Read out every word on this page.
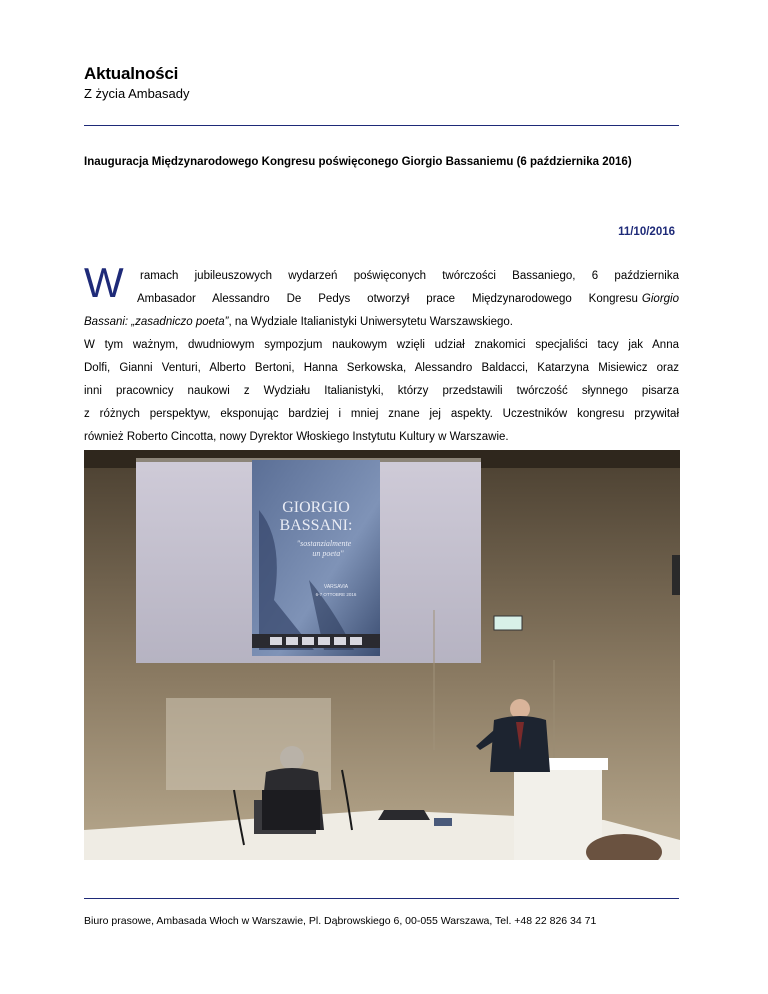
Aktualności
Z życia Ambasady
Inauguracja Międzynarodowego Kongresu poświęconego Giorgio Bassaniemu (6 października 2016)
11/10/2016
W ramach jubileuszowych wydarzeń poświęconych twórczości Bassaniego, 6 października
Ambasador Alessandro De Pedys otworzył prace Międzynarodowego Kongresu Giorgio
Bassani: „zasadniczo poeta”, na Wydziale Italianistyki Uniwersytetu Warszawskiego.
W tym ważnym, dwudniowym sympozjum naukowym wzięli udział znakomici specjaliści tacy jak Anna
Dolfi, Gianni Venturi, Alberto Bertoni, Hanna Serkowska, Alessandro Baldacci, Katarzyna Misiewicz oraz
inni pracownicy naukowi z Wydziału Italianistyki, którzy przedstawili twórczość słynnego pisarza
z różnych perspektyw, eksponując bardziej i mniej znane jej aspekty. Uczestników kongresu przywitał
również Roberto Cincotta, nowy Dyrektor Włoskiego Instytutu Kultury w Warszawie.
GIORGIO
BASSANI:
"sostanzialmente
un poeta"
VARSAVIA
6-7 OTTOBRE 2016
Biuro prasowe, Ambasada Włoch w Warszawie, Pl. Dąbrowskiego 6, 00-055 Warszawa, Tel. +48 22 826 34 71
